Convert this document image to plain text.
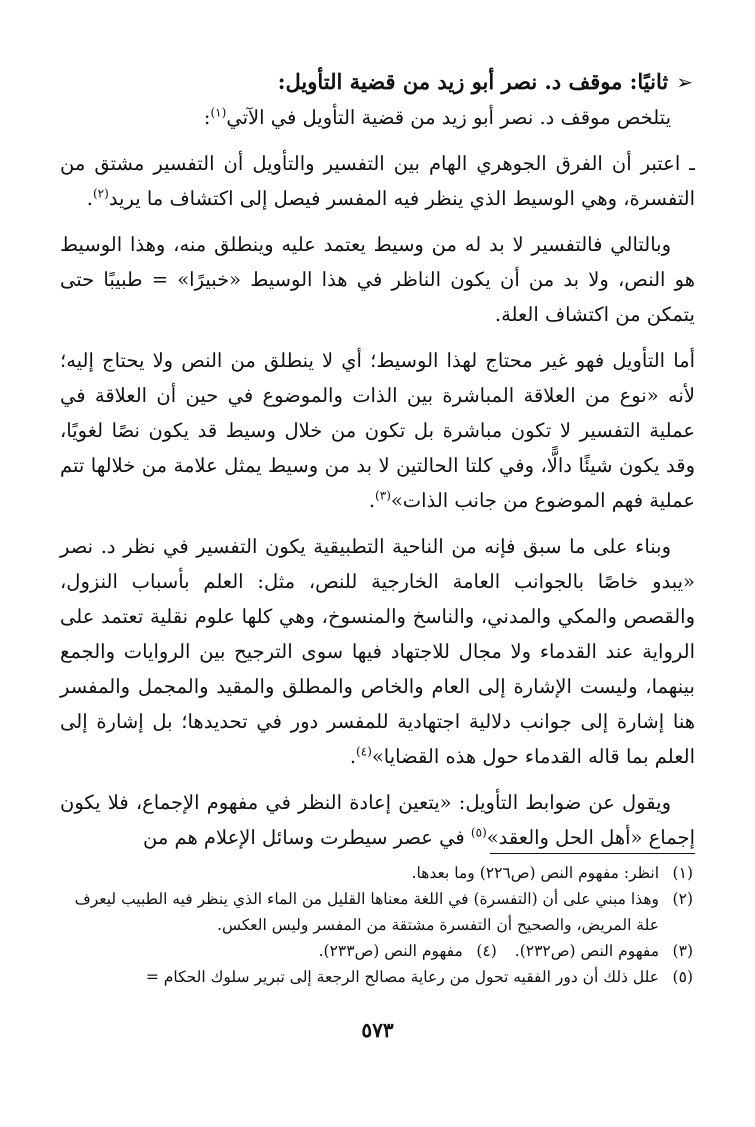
➢ثانيًا: موقف د. نصر أبو زيد من قضية التأويل:

يتلخص موقف د. نصر أبو زيد من قضية التأويل في الآتي$^{(١)}$:

ـ اعتبر أن الفرق الجوهري الهام بين التفسير والتأويل أن التفسير مشتق من التفسرة، وهي الوسيط الذي ينظر فيه المفسر فيصل إلى اكتشاف ما يريد$^{(٢)}$.

وبالتالي فالتفسير لا بد له من وسيط يعتمد عليه وينطلق منه، وهذا الوسيط هو النص، ولا بد من أن يكون الناظر في هذا الوسيط «خبيرًا» = طبيبًا حتى يتمكن من اكتشاف العلة.

أما التأويل فهو غير محتاج لهذا الوسيط؛ أي لا ينطلق من النص ولا يحتاج إليه؛ لأنه «نوع من العلاقة المباشرة بين الذات والموضوع في حين أن العلاقة في عملية التفسير لا تكون مباشرة بل تكون من خلال وسيط قد يكون نصًا لغويًا، وقد يكون شيئًا دالًّا، وفي كلتا الحالتين لا بد من وسيط يمثل علامة من خلالها تتم عملية فهم الموضوع من جانب الذات»$^{(٣)}$.

وبناء على ما سبق فإنه من الناحية التطبيقية يكون التفسير في نظر د. نصر «يبدو خاصًا بالجوانب العامة الخارجية للنص، مثل: العلم بأسباب النزول، والقصص والمكي والمدني، والناسخ والمنسوخ، وهي كلها علوم نقلية تعتمد على الرواية عند القدماء ولا مجال للاجتهاد فيها سوى الترجيح بين الروايات والجمع بينهما، وليست الإشارة إلى العام والخاص والمطلق والمقيد والمجمل والمفسر هنا إشارة إلى جوانب دلالية اجتهادية للمفسر دور في تحديدها؛ بل إشارة إلى العلم بما قاله القدماء حول هذه القضايا»$^{(٤)}$.

ويقول عن ضوابط التأويل: «يتعين إعادة النظر في مفهوم الإجماع، فلا يكون إجماع «أهل الحل والعقد»$^{(٥)}$ في عصر سيطرت وسائل الإعلام هم من

(١)
انظر: مفهوم النص (ص٢٢٦) وما بعدها.
(٢)
وهذا مبني على أن (التفسرة) في اللغة معناها القليل من الماء الذي ينظر فيه الطبيب ليعرف علة المريض، والصحيح أن التفسرة مشتقة من المفسر وليس العكس.
(٣)
مفهوم النص (ص٢٣٢).
(٤)
مفهوم النص (ص٢٣٣).
(٥)
علل ذلك أن دور الفقيه تحول من رعاية مصالح الرجعة إلى تبرير سلوك الحكام =
٥٧٣
